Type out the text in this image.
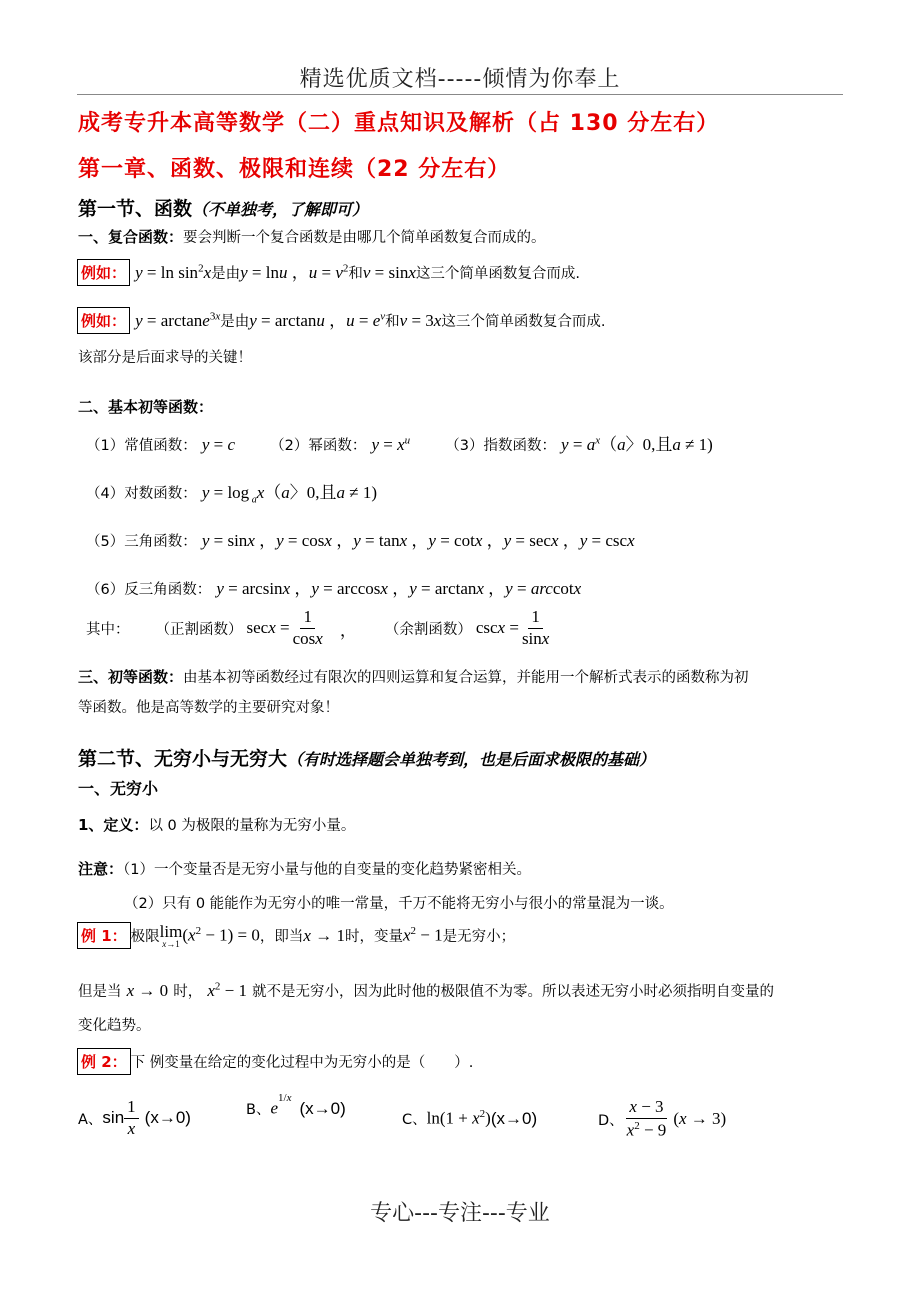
精选优质文档-----倾情为你奉上
成考专升本高等数学（二）重点知识及解析（占 130 分左右）
第一章、函数、极限和连续（22 分左右）
第一节、函数（不单独考，了解即可）
一、复合函数：要会判断一个复合函数是由哪几个简单函数复合而成的。
例如： $y = \ln \sin^2x$是由y = lnu ，$u = v^2$和v = sinx这三个简单函数复合而成.
例如： y = arctane$^{3x}$是由y = arctanu ，$u = e^v$和v = 3x这三个简单函数复合而成.
该部分是后面求导的关键！
二、基本初等函数：
（1）常值函数： y = c （2）幂函数： $y = x^u$ （3）指数函数： $y = a^x(a$〉0,且a ≠ 1)
（4）对数函数： y = log $_a$x（a〉0,且a ≠ 1)
（5）三角函数： y = sinx ，y = cosx ，y = tanx ，y = cotx ，y = secx ，y = cscx
（6）反三角函数： y = arcsinx ，y = arccosx ，y = arctanx ，y = arccotx
其中： （正割函数） $\sec x = \frac{1}{\cos x}$ ， （余割函数） $\csc x = \frac{1}{\sin x}$
三、初等函数：由基本初等函数经过有限次的四则运算和复合运算，并能用一个解析式表示的函数称为初
等函数。他是高等数学的主要研究对象！
第二节、无穷小与无穷大（有时选择题会单独考到，也是后面求极限的基础）
一、无穷小
1、定义：以 0 为极限的量称为无穷小量。
注意：（1）一个变量否是无穷小量与他的自变量的变化趋势紧密相关。
（2）只有 0 能能作为无穷小的唯一常量，千万不能将无穷小与很小的常量混为一谈。
例 1： 极限 lim
x→1 $(x^2 - 1) = 0$ ，即当 x → 1 时，变量 $x^2 - 1$ 是无穷小；
但是当 x → 0 时， $x^2 - 1$ 就不是无穷小，因为此时他的极限值不为零。所以表述无穷小时必须指明自变量的
变化趋势。
例 2： 下 例变量在给定的变化过程中为无穷小的是（　　）.
A、 $\sin \frac{1}{x} (x\to 0)$	B、 $e^{1/x}$
(x→0)
C、 $\ln(1 + x^2)$ (x→0)	D、 $\frac{x - 3}{x^2 - 9} (x \to 3)$
专心---专注---专业
